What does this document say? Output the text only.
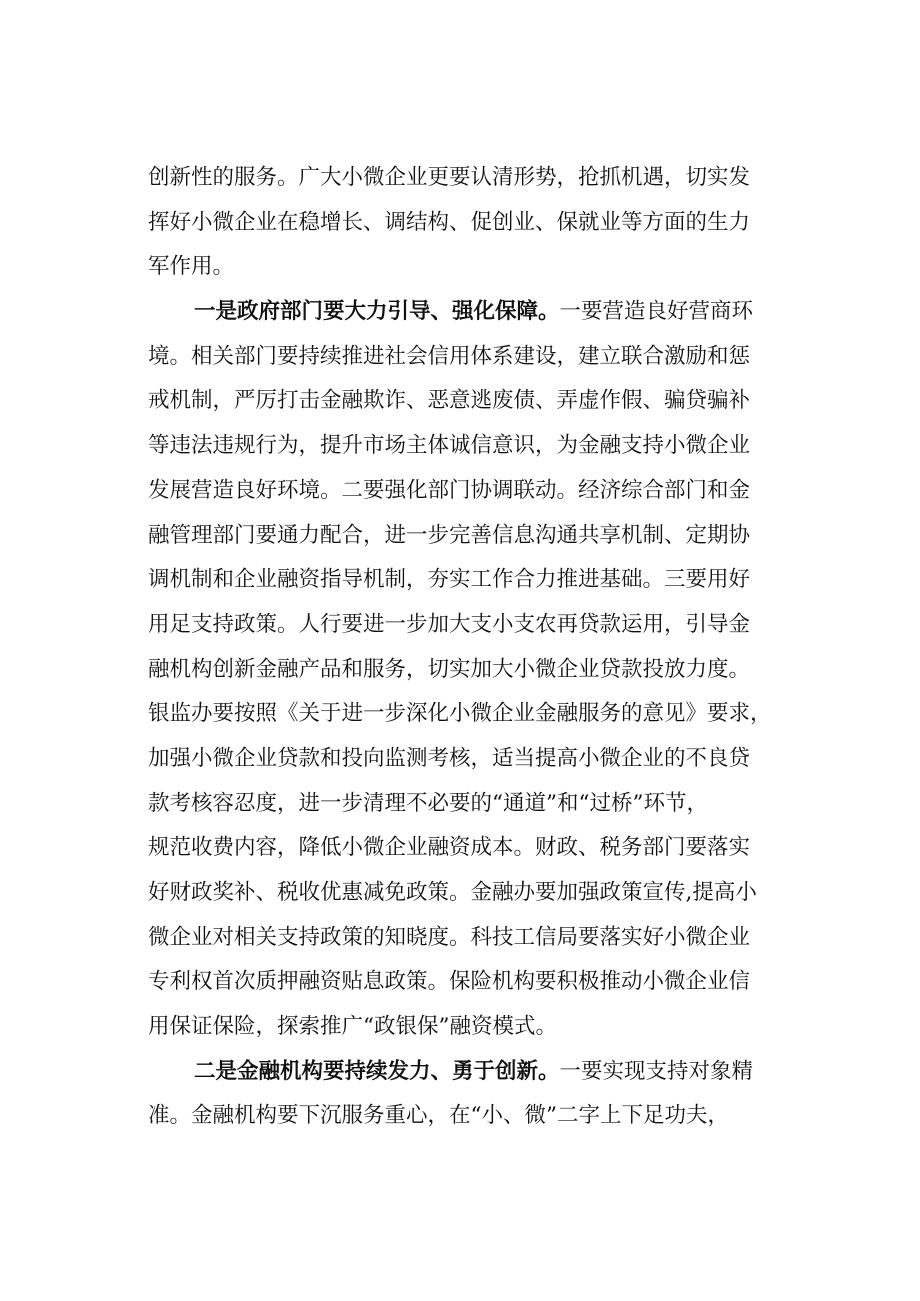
创新性的服务。广大小微企业更要认清形势，抢抓机遇，切实发
挥好小微企业在稳增长、调结构、促创业、保就业等方面的生力
军作用。
一是政府部门要大力引导、强化保障。一要营造良好营商环
境。相关部门要持续推进社会信用体系建设，建立联合激励和惩
戒机制，严厉打击金融欺诈、恶意逃废债、弄虚作假、骗贷骗补
等违法违规行为，提升市场主体诚信意识，为金融支持小微企业
发展营造良好环境。二要强化部门协调联动。经济综合部门和金
融管理部门要通力配合，进一步完善信息沟通共享机制、定期协
调机制和企业融资指导机制，夯实工作合力推进基础。三要用好
用足支持政策。人行要进一步加大支小支农再贷款运用，引导金
融机构创新金融产品和服务，切实加大小微企业贷款投放力度。
银监办要按照《关于进一步深化小微企业金融服务的意见》要求，
加强小微企业贷款和投向监测考核，适当提高小微企业的不良贷
款考核容忍度，进一步清理不必要的“通道”和“过桥”环节，
规范收费内容，降低小微企业融资成本。财政、税务部门要落实
好财政奖补、税收优惠减免政策。金融办要加强政策宣传,提高小
微企业对相关支持政策的知晓度。科技工信局要落实好小微企业
专利权首次质押融资贴息政策。保险机构要积极推动小微企业信
用保证保险，探索推广“政银保”融资模式。
二是金融机构要持续发力、勇于创新。一要实现支持对象精
准。金融机构要下沉服务重心，在“小、微”二字上下足功夫，
